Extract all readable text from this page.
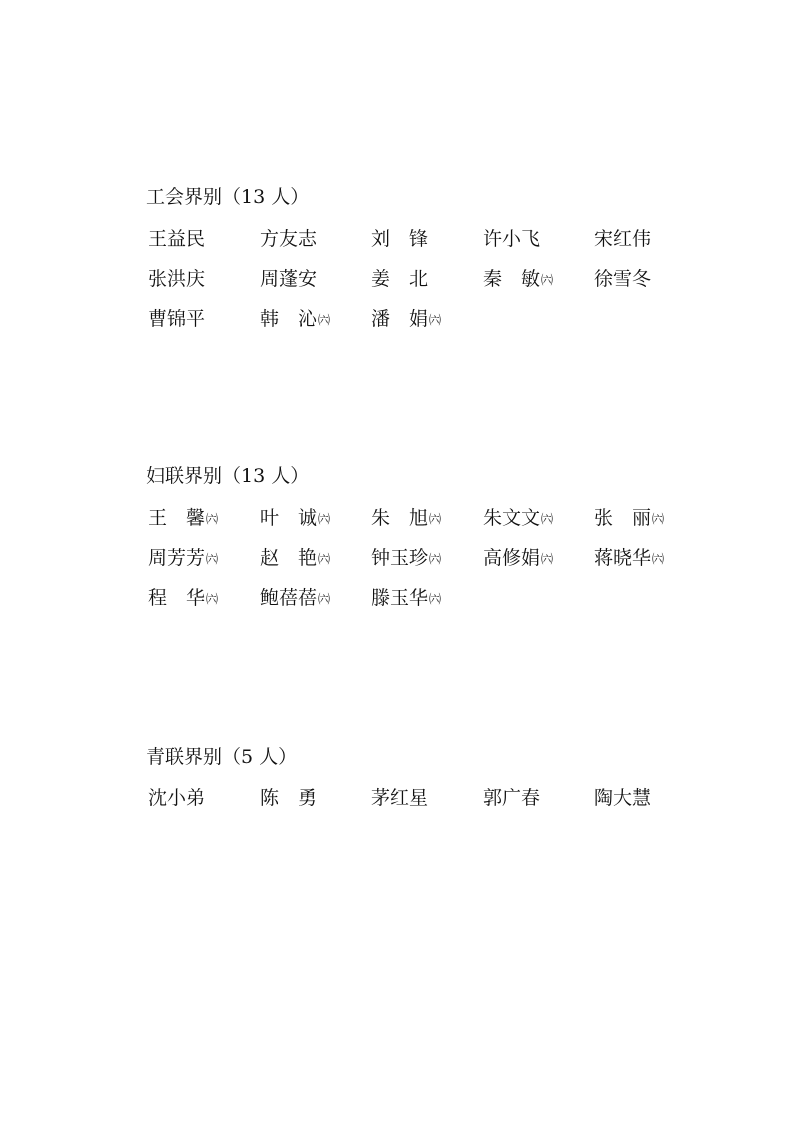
工会界别（13 人）
王益民	方友志	刘　锋	许小飞	宋红伟
张洪庆	周蓬安	姜　北	秦　敏㈥ 徐雪冬
曹锦平	韩　沁㈥ 潘　娟㈥
妇联界别（13 人）
王　馨㈥ 叶　诚㈥ 朱　旭㈥ 朱文文㈥ 张　丽㈥
周芳芳㈥ 赵　艳㈥ 钟玉珍㈥ 高修娟㈥ 蒋晓华㈥
程　华㈥ 鲍蓓蓓㈥ 滕玉华㈥
青联界别（5 人）
沈小弟	陈　勇	茅红星	郭广春	陶大慧
